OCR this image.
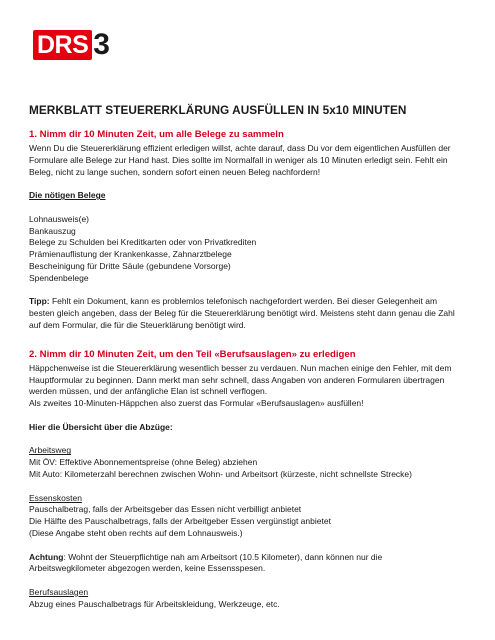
DRS 3
MERKBLATT STEUERERKLÄRUNG AUSFÜLLEN IN 5x10 MINUTEN
1. Nimm dir 10 Minuten Zeit, um alle Belege zu sammeln

Wenn Du die Steuererklärung effizient erledigen willst, achte darauf, dass Du vor dem eigentlichen Ausfüllen der

Formulare alle Belege zur Hand hast. Dies sollte im Normalfall in weniger als 10 Minuten erledigt sein. Fehlt ein

Beleg, nicht zu lange suchen, sondern sofort einen neuen Beleg nachfordern!

Die nötigen Belege

Lohnausweis(e)

Bankauszug

Belege zu Schulden bei Kreditkarten oder von Privatkrediten

Prämienauflistung der Krankenkasse, Zahnarztbelege

Bescheinigung für Dritte Säule (gebundene Vorsorge)

Spendenbelege

Tipp: Fehlt ein Dokument, kann es problemlos telefonisch nachgefordert werden. Bei dieser Gelegenheit am

besten gleich angeben, dass der Beleg für die Steuererklärung benötigt wird. Meistens steht dann genau die Zahl

auf dem Formular, die für die Steuerklärung benötigt wird.

2. Nimm dir 10 Minuten Zeit, um den Teil «Berufsauslagen» zu erledigen

Häppchenweise ist die Steuererklärung wesentlich besser zu verdauen. Nun machen einige den Fehler, mit dem

Hauptformular zu beginnen. Dann merkt man sehr schnell, dass Angaben von anderen Formularen übertragen

werden müssen, und der anfängliche Elan ist schnell verflogen.

Als zweites 10-Minuten-Häppchen also zuerst das Formular «Berufsauslagen» ausfüllen!

Hier die Übersicht über die Abzüge:

Arbeitsweg

Mit ÖV: Effektive Abonnementspreise (ohne Beleg) abziehen

Mit Auto: Kilometerzahl berechnen zwischen Wohn- und Arbeitsort (kürzeste, nicht schnellste Strecke)

Essenskosten

Pauschalbetrag, falls der Arbeitsgeber das Essen nicht verbilligt anbietet

Die Hälfte des Pauschalbetrags, falls der Arbeitgeber Essen vergünstigt anbietet

(Diese Angabe steht oben rechts auf dem Lohnausweis.)

Achtung: Wohnt der Steuerpflichtige nah am Arbeitsort (10.5 Kilometer), dann können nur die

Arbeitswegkilometer abgezogen werden, keine Essensspesen.

Berufsauslagen

Abzug eines Pauschalbetrags für Arbeitskleidung, Werkzeuge, etc.
